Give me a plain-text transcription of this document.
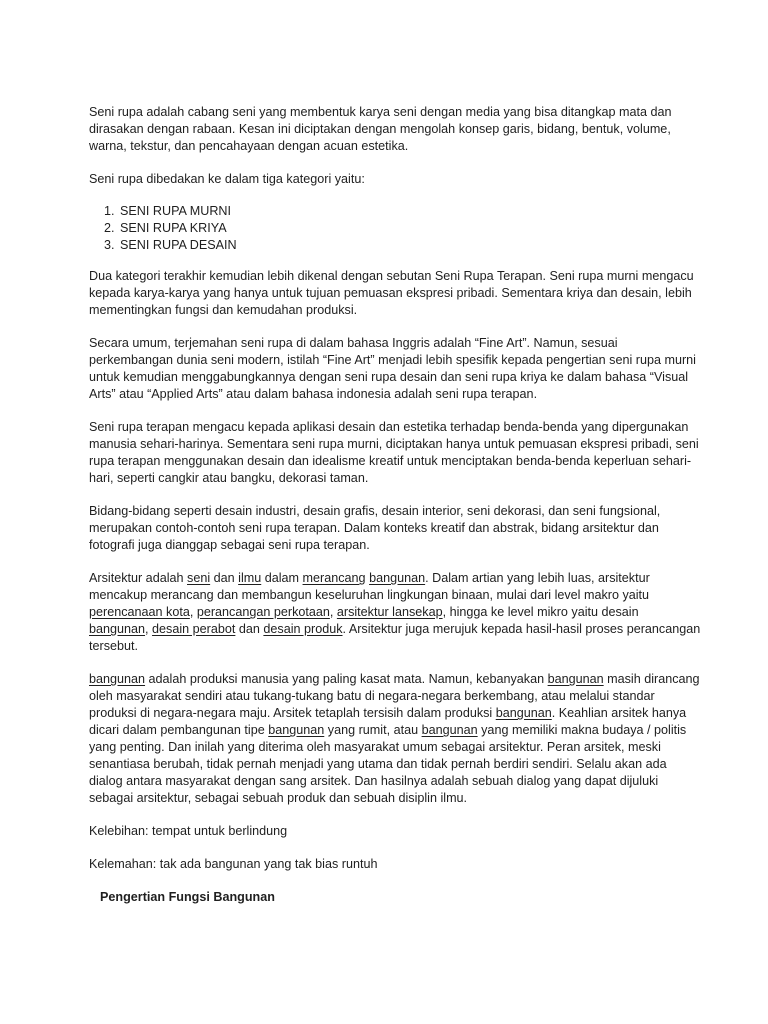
Seni rupa adalah cabang seni yang membentuk karya seni dengan media yang bisa ditangkap mata dan dirasakan dengan rabaan. Kesan ini diciptakan dengan mengolah konsep garis, bidang, bentuk, volume, warna, tekstur, dan pencahayaan dengan acuan estetika.

Seni rupa dibedakan ke dalam tiga kategori yaitu:

1. SENI RUPA MURNI
2. SENI RUPA KRIYA
3. SENI RUPA DESAIN

Dua kategori terakhir kemudian lebih dikenal dengan sebutan Seni Rupa Terapan. Seni rupa murni mengacu kepada karya-karya yang hanya untuk tujuan pemuasan ekspresi pribadi. Sementara kriya dan desain, lebih mementingkan fungsi dan kemudahan produksi.

Secara umum, terjemahan seni rupa di dalam bahasa Inggris adalah “Fine Art”. Namun, sesuai perkembangan dunia seni modern, istilah “Fine Art” menjadi lebih spesifik kepada pengertian seni rupa murni untuk kemudian menggabungkannya dengan seni rupa desain dan seni rupa kriya ke dalam bahasa “Visual Arts” atau “Applied Arts” atau dalam bahasa indonesia adalah seni rupa terapan.

Seni rupa terapan mengacu kepada aplikasi desain dan estetika terhadap benda-benda yang dipergunakan manusia sehari-harinya. Sementara seni rupa murni, diciptakan hanya untuk pemuasan ekspresi pribadi, seni rupa terapan menggunakan desain dan idealisme kreatif untuk menciptakan benda-benda keperluan sehari-hari, seperti cangkir atau bangku, dekorasi taman.

Bidang-bidang seperti desain industri, desain grafis, desain interior, seni dekorasi, dan seni fungsional, merupakan contoh-contoh seni rupa terapan. Dalam konteks kreatif dan abstrak, bidang arsitektur dan fotografi juga dianggap sebagai seni rupa terapan.

Arsitektur adalah seni dan ilmu dalam merancang bangunan. Dalam artian yang lebih luas, arsitektur mencakup merancang dan membangun keseluruhan lingkungan binaan, mulai dari level makro yaitu perencanaan kota, perancangan perkotaan, arsitektur lansekap, hingga ke level mikro yaitu desain bangunan, desain perabot dan desain produk. Arsitektur juga merujuk kepada hasil-hasil proses perancangan tersebut.

bangunan adalah produksi manusia yang paling kasat mata. Namun, kebanyakan bangunan masih dirancang oleh masyarakat sendiri atau tukang-tukang batu di negara-negara berkembang, atau melalui standar produksi di negara-negara maju. Arsitek tetaplah tersisih dalam produksi bangunan. Keahlian arsitek hanya dicari dalam pembangunan tipe bangunan yang rumit, atau bangunan yang memiliki makna budaya / politis yang penting. Dan inilah yang diterima oleh masyarakat umum sebagai arsitektur. Peran arsitek, meski senantiasa berubah, tidak pernah menjadi yang utama dan tidak pernah berdiri sendiri. Selalu akan ada dialog antara masyarakat dengan sang arsitek. Dan hasilnya adalah sebuah dialog yang dapat dijuluki sebagai arsitektur, sebagai sebuah produk dan sebuah disiplin ilmu.

Kelebihan: tempat untuk berlindung

Kelemahan: tak ada bangunan yang tak bias runtuh

Pengertian Fungsi Bangunan
